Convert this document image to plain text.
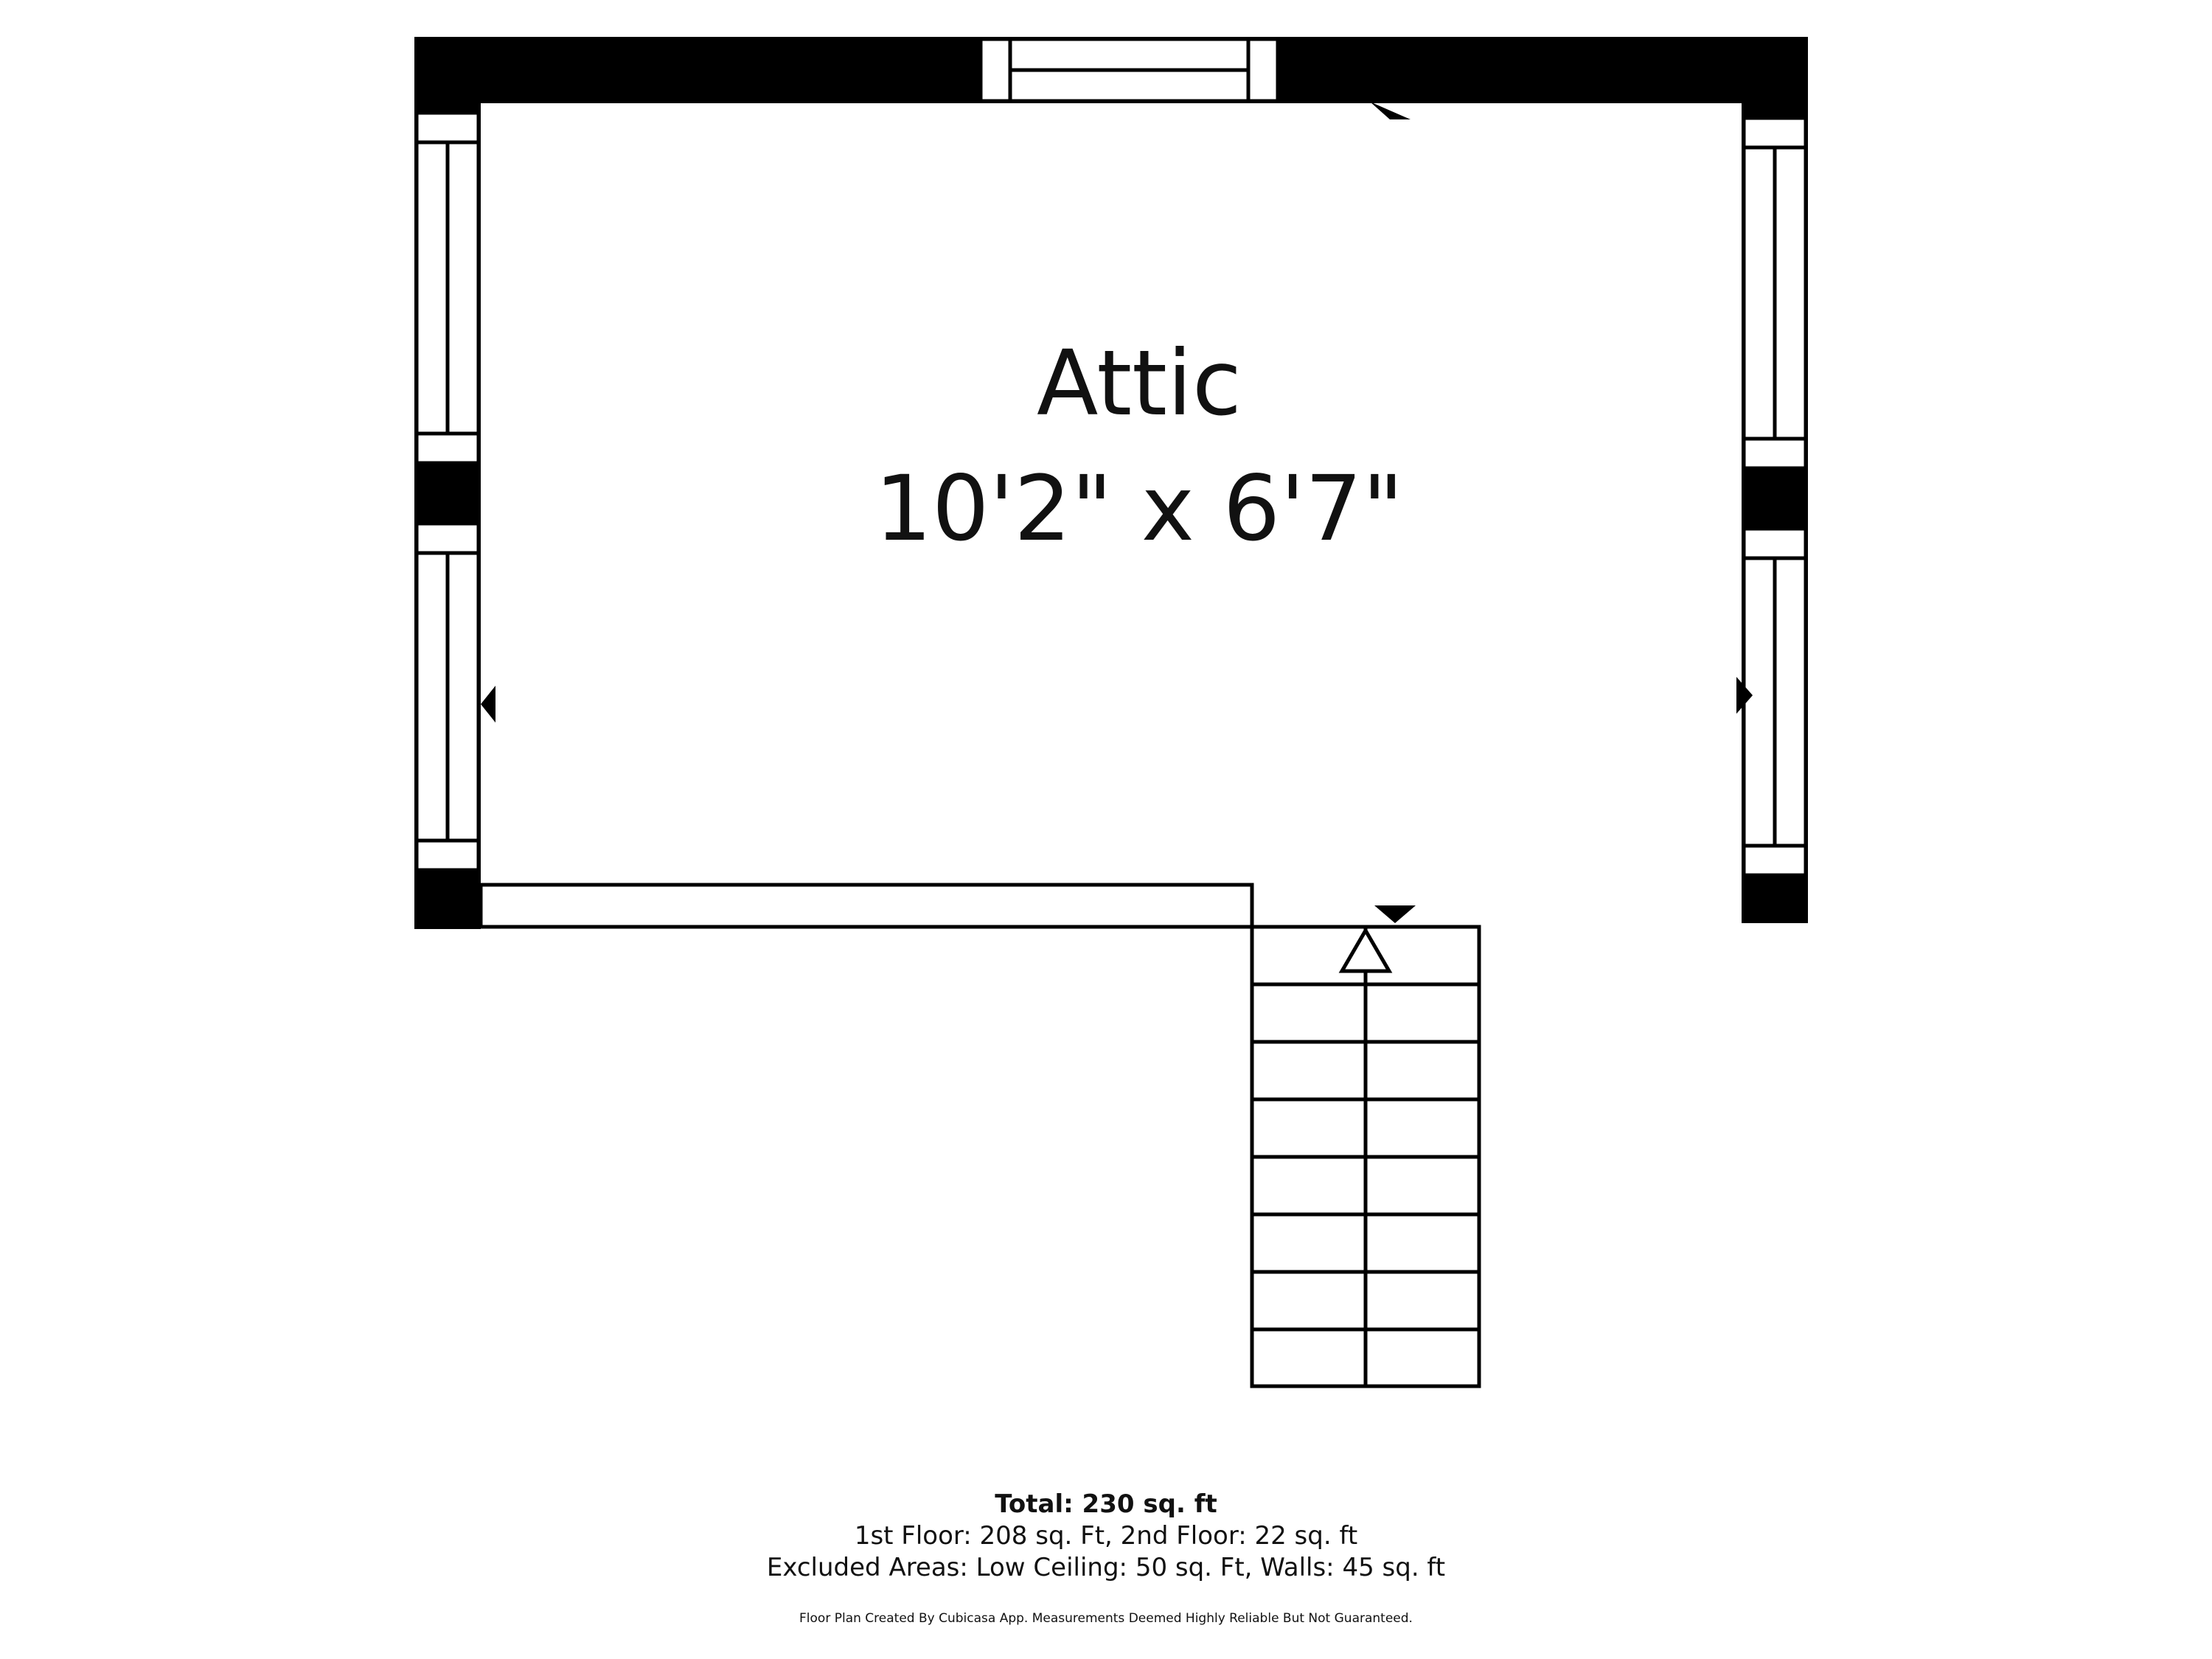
Attic
10'2" x 6'7"
Total: 230 sq. ft
1st Floor: 208 sq. Ft, 2nd Floor: 22 sq. ft
Excluded Areas: Low Ceiling: 50 sq. Ft, Walls: 45 sq. ft
Floor Plan Created By Cubicasa App. Measurements Deemed Highly Reliable But Not Guaranteed.
